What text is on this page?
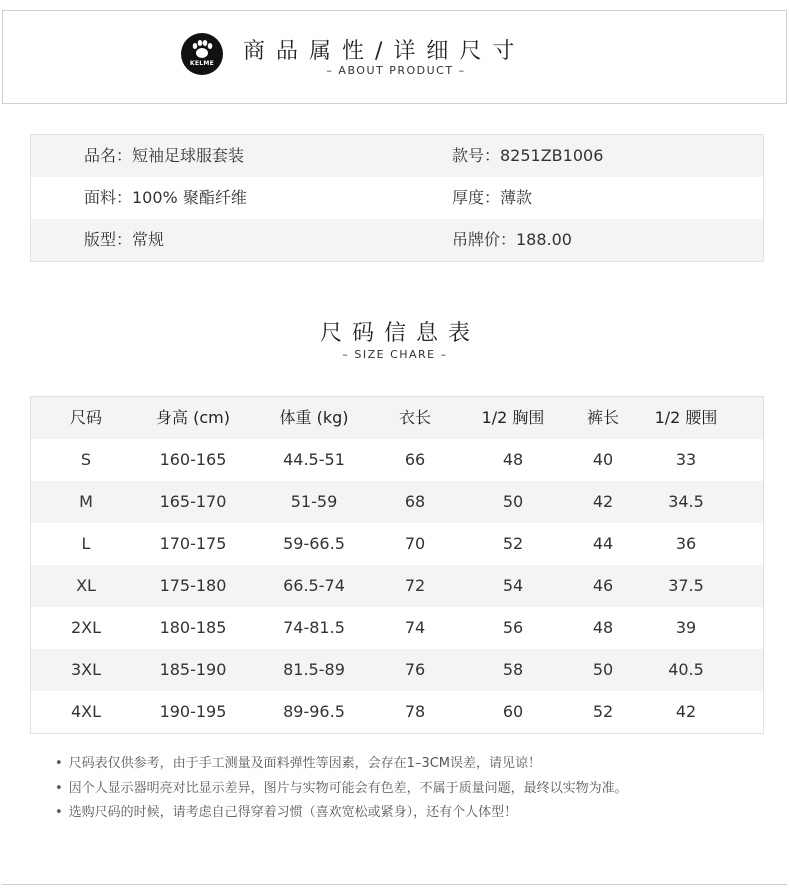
KELME	商品属性/详细尺寸
– ABOUT PRODUCT –
品名：短袖足球服套装	款号：8251ZB1006
面料：100% 聚酯纤维	厚度：薄款
版型：常规	吊牌价：188.00
尺码信息表
– SIZE CHARE –
尺码	身高 (cm)	体重 (kg)	衣长	1/2 胸围	裤长	1/2 腰围
S	160-165	44.5-51	66	48	40	33
M	165-170	51-59	68	50	42	34.5
L	170-175	59-66.5	70	52	44	36
XL	175-180	66.5-74	72	54	46	37.5
2XL	180-185	74-81.5	74	56	48	39
3XL	185-190	81.5-89	76	58	50	40.5
4XL	190-195	89-96.5	78	60	52	42
• 尺码表仅供参考，由于手工测量及面料弹性等因素，会存在1–3CM误差，请见谅！
• 因个人显示器明亮对比显示差异，图片与实物可能会有色差，不属于质量问题，最终以实物为准。
• 选购尺码的时候，请考虑自己得穿着习惯（喜欢宽松或紧身），还有个人体型！
